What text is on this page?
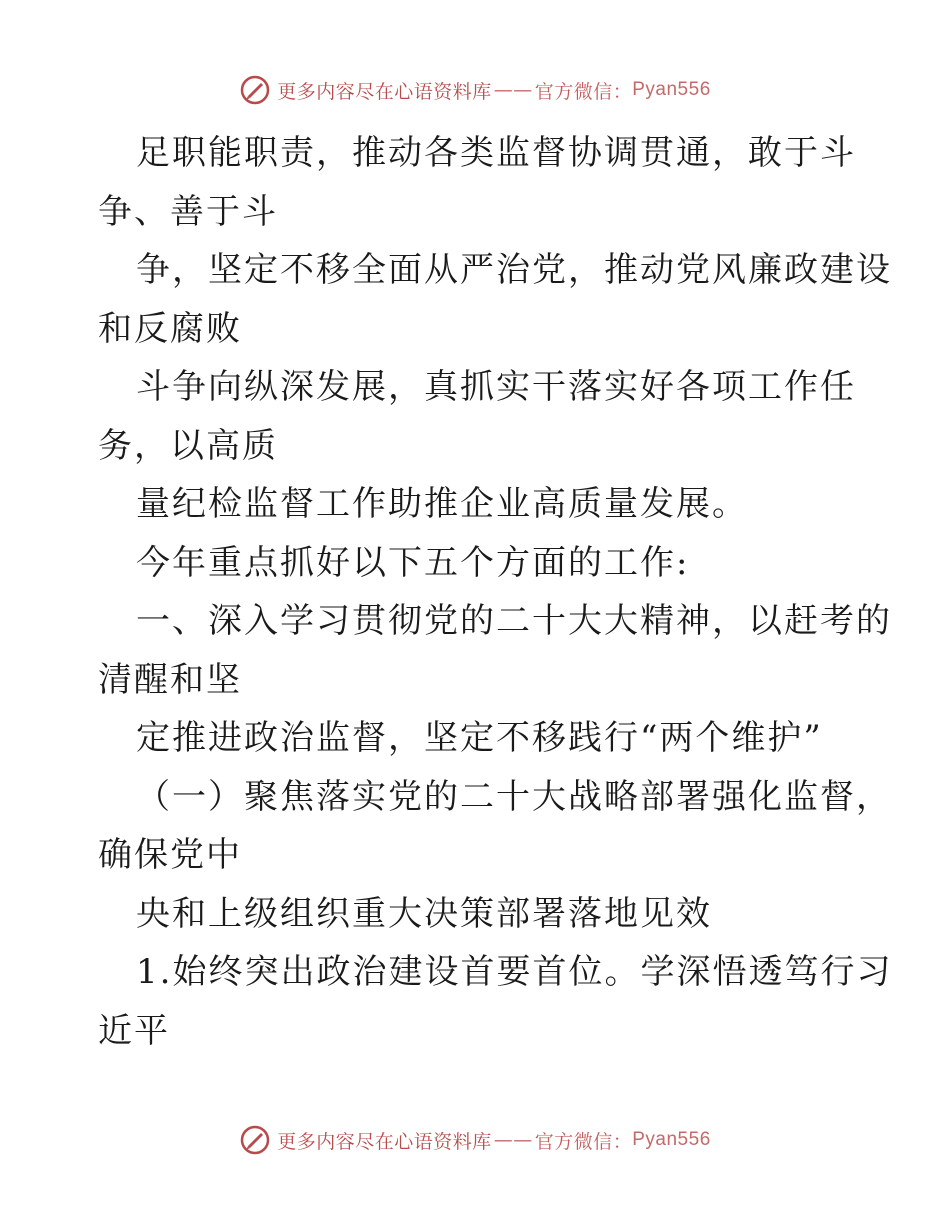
更多内容尽在心语资料库 —— 官方微信： Pyan556
足职能职责，推动各类监督协调贯通，敢于斗
争、善于斗
争，坚定不移全面从严治党，推动党风廉政建设
和反腐败
斗争向纵深发展，真抓实干落实好各项工作任
务，以高质
量纪检监督工作助推企业高质量发展。
今年重点抓好以下五个方面的工作:
一、深入学习贯彻党的二十大大精神，以赶考的
清醒和坚
定推进政治监督，坚定不移践行“两个维护”
（一）聚焦落实党的二十大战略部署强化监督，
确保党中
央和上级组织重大决策部署落地见效
1.始终突出政治建设首要首位。学深悟透笃行习
近平
更多内容尽在心语资料库 —— 官方微信： Pyan556
